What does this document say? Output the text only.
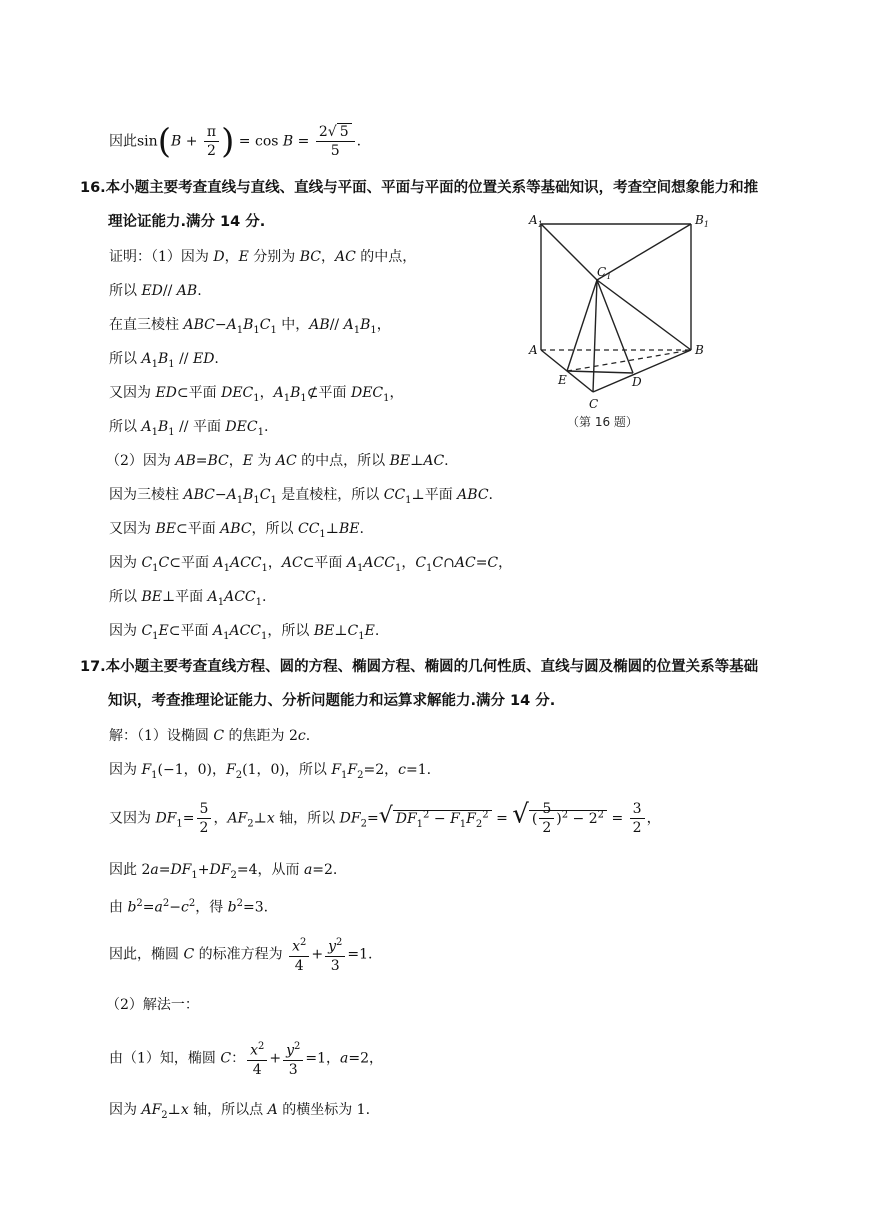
因此$\sin(B + \frac{\pi}{2}$ ) = $\cos B = \frac{2√ 5}{5}$ .
16.本小题主要考查直线与直线、直线与平面、平面与平面的位置关系等基础知识，考查空间想象能力和推
理论证能力.满分 14 分.
证明：（1）因为 D，E 分别为 BC，AC 的中点，
所以 ED// AB.
在直三棱柱 $ABC-A_1B_1C_1$ 中，AB// $A_1B_1$，
所以 $A_1B_1$ // ED.
又因为 ED⊂平面 $DEC_1$，$A_1B_1⊄$平面 $DEC_1$，
所以 $A_1B_1$ // 平面 $DEC_1$.
（2）因为 AB=BC，E 为 AC 的中点，所以 BE⊥AC.
因为三棱柱 $ABC-A_1B_1C_1$ 是直棱柱，所以 $CC_1\perp$平面 ABC.
又因为 BE⊂平面 ABC，所以 $CC_1\perp BE$.
因为 $C_1C\subset$平面 $A_1ACC_1$，AC⊂平面 $A_1ACC_1$，$C_1C\cap AC=C$，
所以 BE⊥平面 $A_1ACC_1$.
因为 $C_1E\subset$平面 $A_1ACC_1$，所以 $BE\perp C_1E$.
$A_1$	$B_1$
$C_1$
A	B
E	D
C
（第 16 题）
17.本小题主要考查直线方程、圆的方程、椭圆方程、椭圆的几何性质、直线与圆及椭圆的位置关系等基础
知识，考查推理论证能力、分析问题能力和运算求解能力.满分 14 分.
解：（1）设椭圆 C 的焦距为 2c.
因为 $F_1(-1$，0)，$F_2(1$，0)，所以 $F_1F_2=2$，c=1.
又因为 $DF_1= \frac{5}{2}$ ，$AF_2\perp x$ 轴，所以 $DF_2=√$ $DF_1^2 - F_1F_2^2$ = √ ( $\frac{5}{2} )^2 - 2^2 = \frac{3}{2}$ ，
因此 $2a=DF_1+DF_2=4$，从而 a=2.
由 $b^2=a^2-c^2$，得 $b^2=3$.
因此，椭圆 C 的标准方程为 $\frac{x^2}{4} + \frac{y^2}{3} =1$.
（2）解法一：
由（1）知，椭圆 C： $\frac{x^2}{4} + \frac{y^2}{3} =1$，a=2，
因为 $AF_2\perp x$ 轴，所以点 A 的横坐标为 1.
